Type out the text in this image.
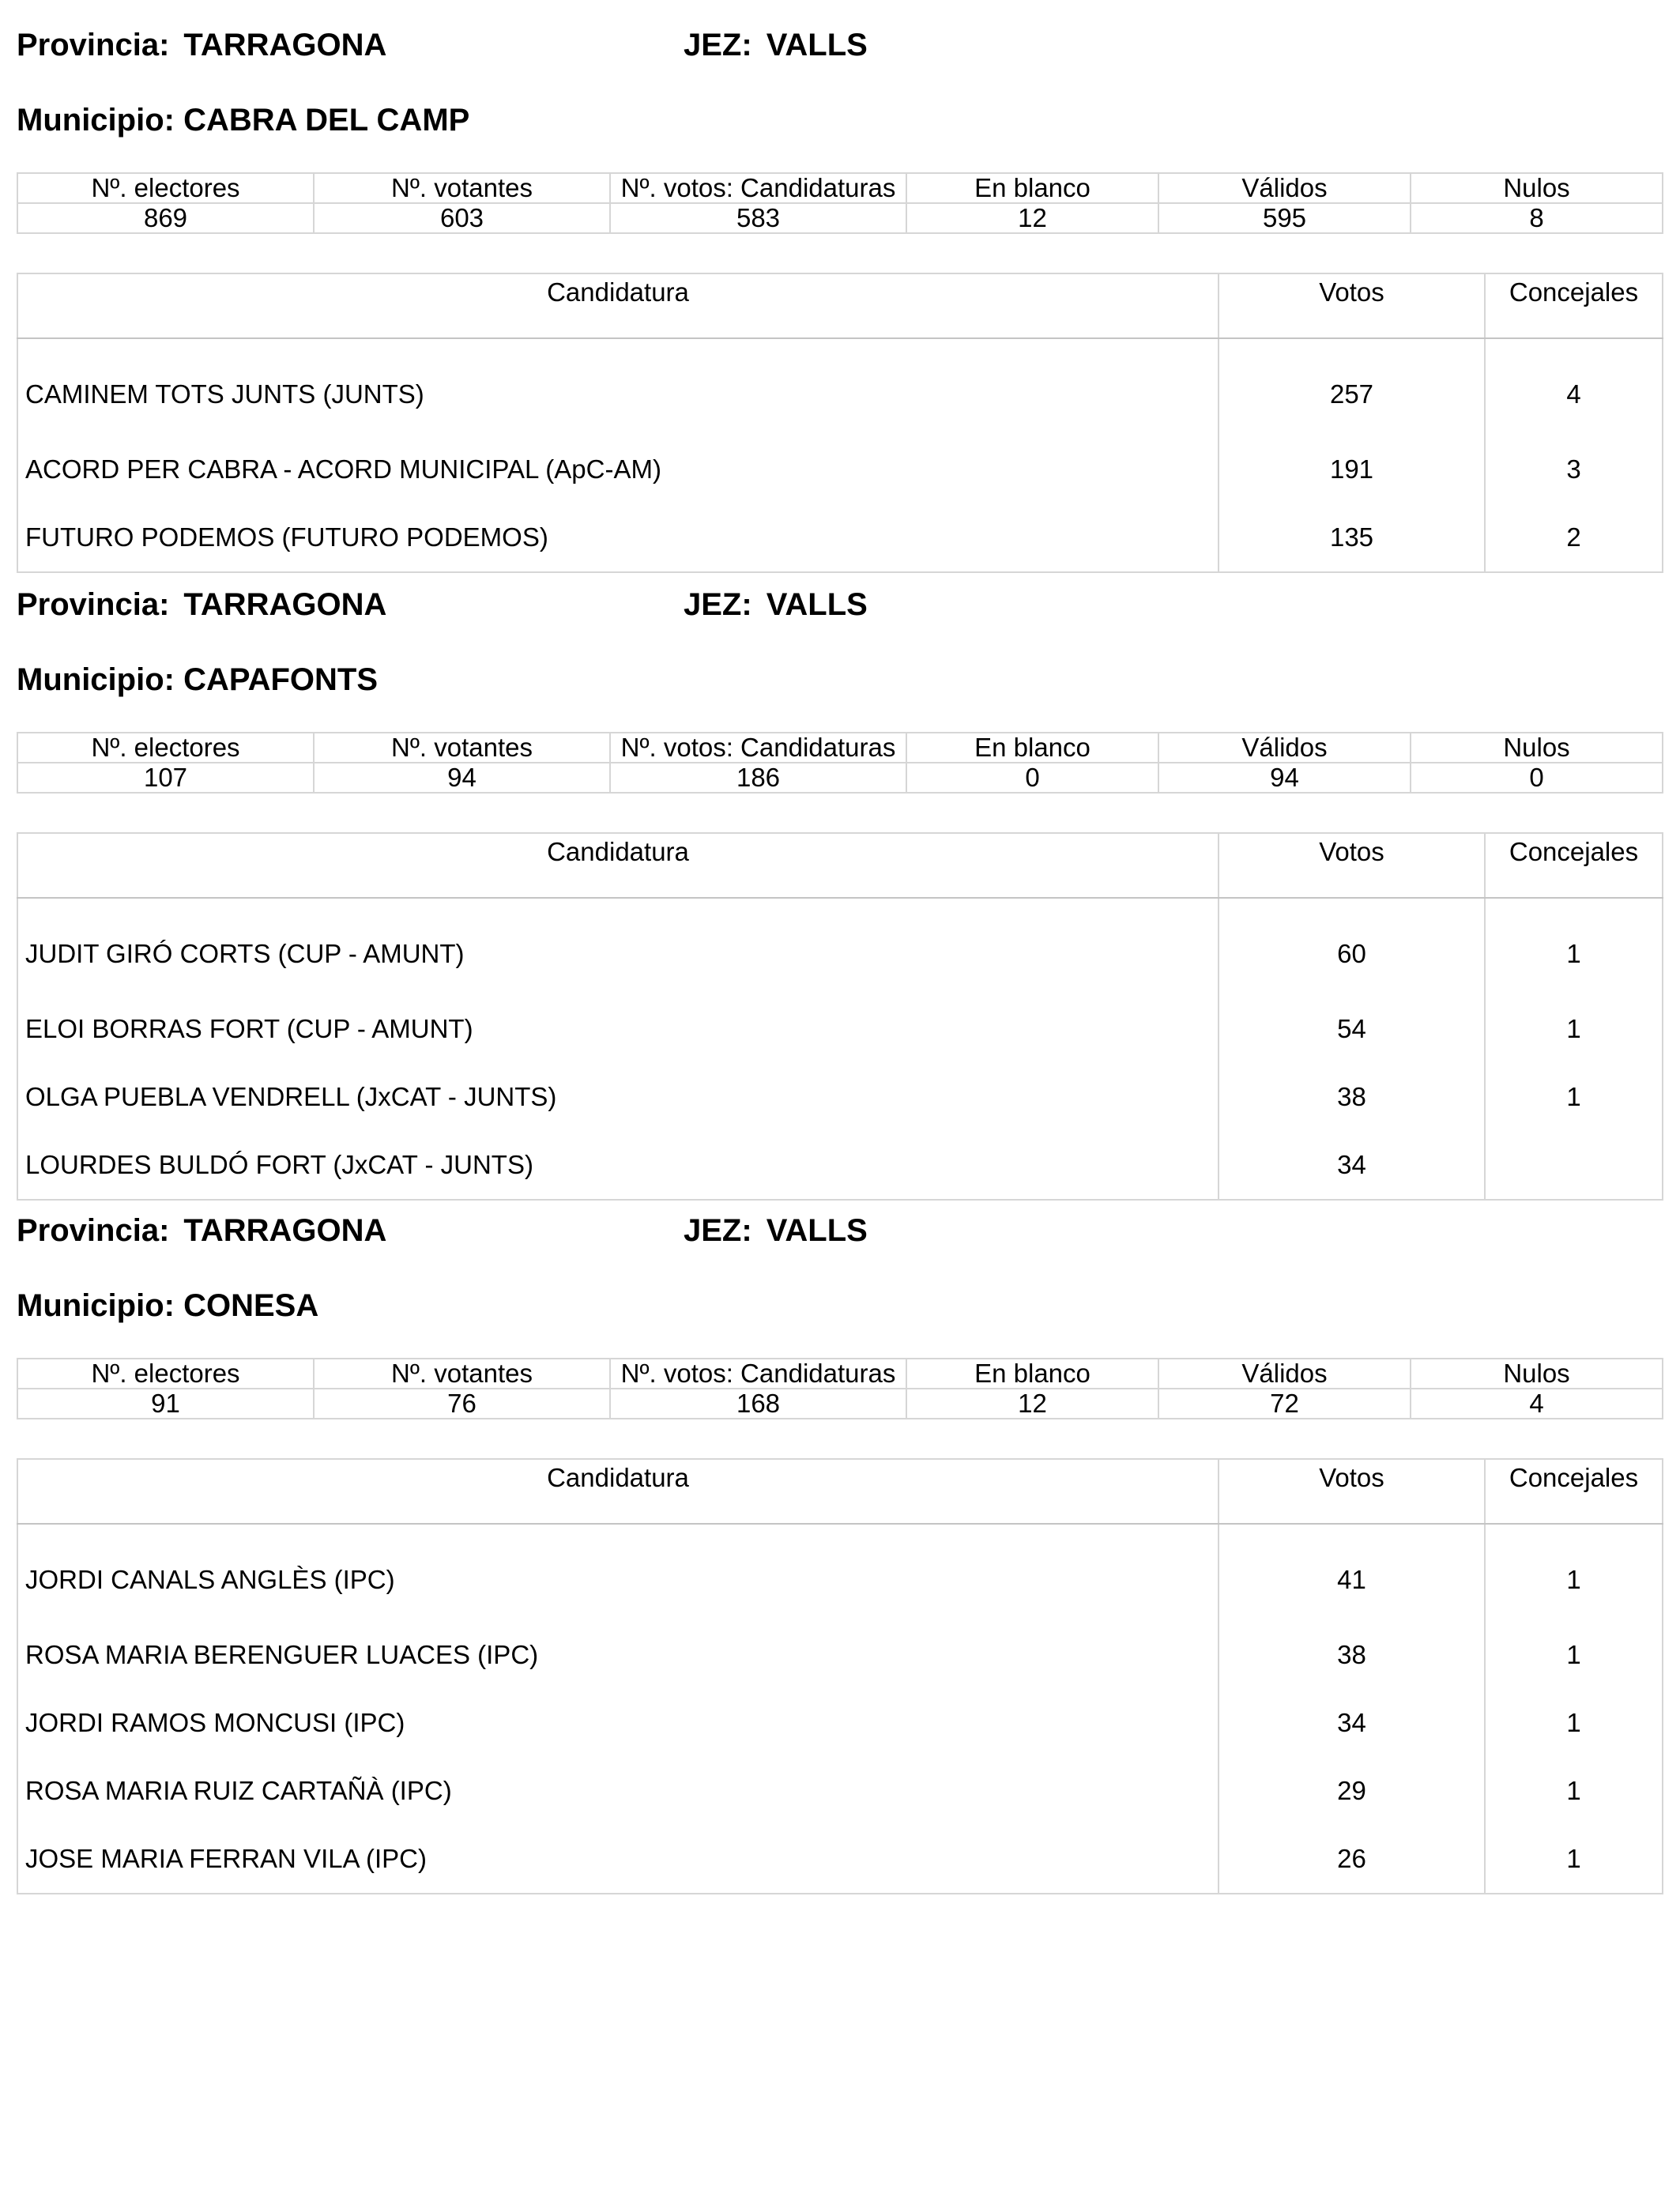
Provincia: TARRAGONA	JEZ: VALLS
Municipio: CABRA DEL CAMP
Nº. electores	Nº. votantes	Nº. votos: Candidaturas	En blanco	Válidos	Nulos
869	603	583	12	595	8
Candidatura	Votos	Concejales

CAMINEM TOTS JUNTS (JUNTS)	257	4
ACORD PER CABRA - ACORD MUNICIPAL (ApC-AM)	191	3
FUTURO PODEMOS (FUTURO PODEMOS)	135	2
Provincia: TARRAGONA	JEZ: VALLS
Municipio: CAPAFONTS
Nº. electores	Nº. votantes	Nº. votos: Candidaturas	En blanco	Válidos	Nulos
107	94	186	0	94	0
Candidatura	Votos	Concejales

JUDIT GIRÓ CORTS (CUP - AMUNT)	60	1
ELOI BORRAS FORT (CUP - AMUNT)	54	1
OLGA PUEBLA VENDRELL (JxCAT - JUNTS)	38	1
LOURDES BULDÓ FORT (JxCAT - JUNTS)	34	
Provincia: TARRAGONA	JEZ: VALLS
Municipio: CONESA
Nº. electores	Nº. votantes	Nº. votos: Candidaturas	En blanco	Válidos	Nulos
91	76	168	12	72	4
Candidatura	Votos	Concejales

JORDI CANALS ANGLÈS (IPC)	41	1
ROSA MARIA BERENGUER LUACES (IPC)	38	1
JORDI RAMOS MONCUSI (IPC)	34	1
ROSA MARIA RUIZ CARTAÑÀ (IPC)	29	1
JOSE MARIA FERRAN VILA (IPC)	26	1
